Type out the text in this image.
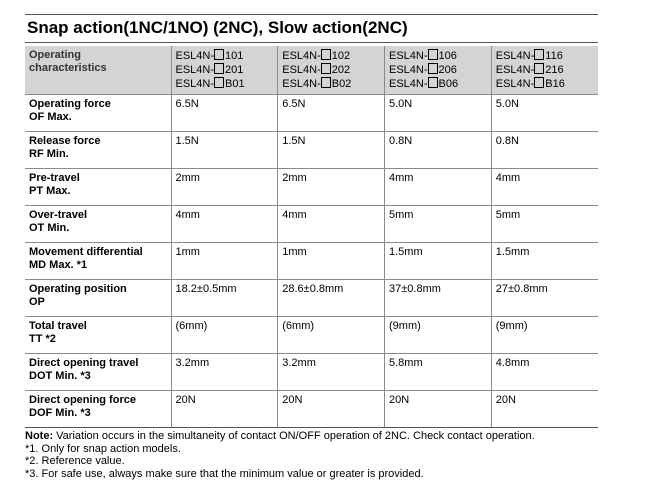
Snap action(1NC/1NO) (2NC), Slow action(2NC)
Operating
characteristics	ESL4N- 101
ESL4N- 201
ESL4N- B01	ESL4N- 102
ESL4N- 202
ESL4N- B02	ESL4N- 106
ESL4N- 206
ESL4N- B06	ESL4N- 116
ESL4N- 216
ESL4N- B16

Operating force
OF Max.	6.5N	6.5N	5.0N	5.0N

Release force
RF Min.	1.5N	1.5N	0.8N	0.8N

Pre-travel
PT Max.	2mm	2mm	4mm	4mm

Over-travel
OT Min.	4mm	4mm	5mm	5mm

Movement differential
MD Max. *1	1mm	1mm	1.5mm	1.5mm

Operating position
OP	18.2±0.5mm	28.6±0.8mm	37±0.8mm	27±0.8mm

Total travel
TT *2	(6mm)	(6mm)	(9mm)	(9mm)

Direct opening travel
DOT Min. *3	3.2mm	3.2mm	5.8mm	4.8mm

Direct opening force
DOF Min. *3	20N	20N	20N	20N
Note: Variation occurs in the simultaneity of contact ON/OFF operation of 2NC. Check contact operation.
*1. Only for snap action models.
*2. Reference value.
*3. For safe use, always make sure that the minimum value or greater is provided.
